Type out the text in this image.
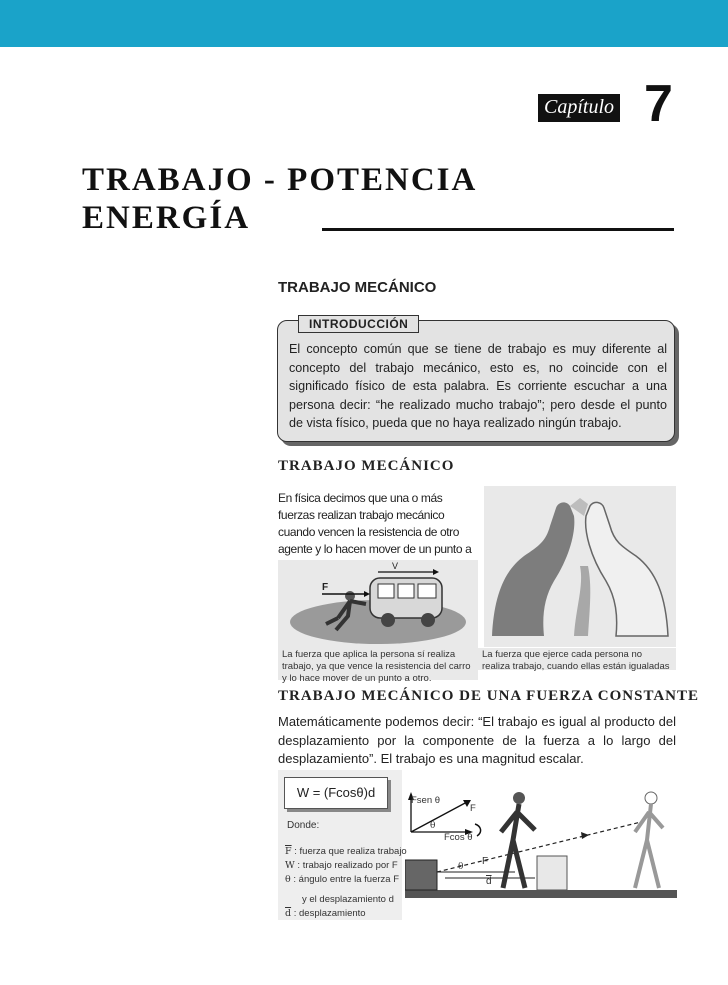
Capítulo 7
TRABAJO - POTENCIA
ENERGÍA
TRABAJO MECÁNICO
INTRODUCCIÓN
El concepto común que se tiene de trabajo es muy diferente al concepto del trabajo mecánico, esto es, no coincide con el significado físico de esta palabra. Es corriente escuchar a una persona decir: “he realizado mucho trabajo”; pero desde el punto de vista físico, pueda que no haya realizado ningún trabajo.
TRABAJO MECÁNICO
En física decimos que una o más fuerzas realizan trabajo mecánico cuando vencen la resistencia de otro agente y lo hacen mover de un punto a
F
V
La fuerza que aplica la persona sí realiza trabajo, ya que vence la resistencia del carro y lo hace mover de un punto a otro.
La fuerza que ejerce cada persona no realiza trabajo, cuando ellas están igualadas
TRABAJO MECÁNICO DE UNA FUERZA CONSTANTE
Matemáticamente podemos decir: “El trabajo es igual al producto del desplazamiento por la componente de la fuerza a lo largo del desplazamiento”. El trabajo es una magnitud escalar.
W = (Fcosθ)d
Donde:
$\overline{F}$ : fuerza que realiza trabajo
W : trabajo realizado por F
θ : ángulo entre la fuerza F
y el desplazamiento d
$\overline{d}$ : desplazamiento
Fsen θ
Fcos θ
F
θ
F
θ
$\overline{d}$
